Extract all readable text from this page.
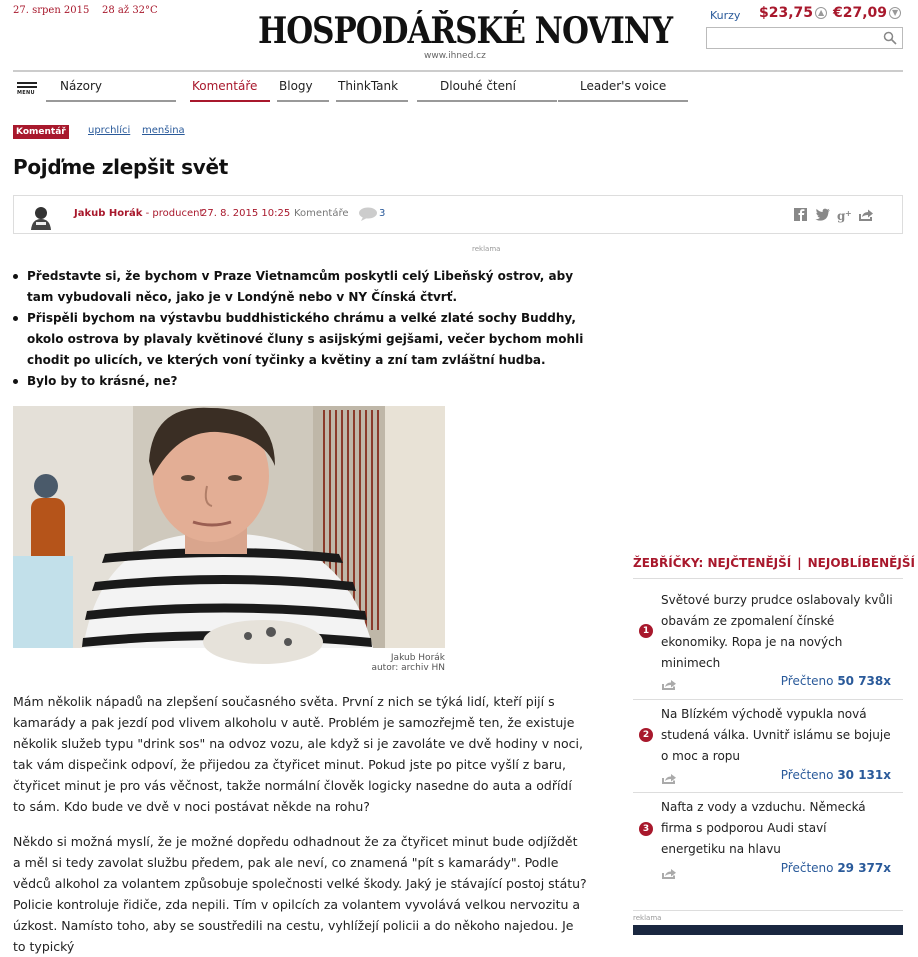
27. srpen 2015 28 až 32°C	HOSPODÁŘSKÉ NOVINY
www.ihned.cz
Kurzy $23,75 ▲ €27,09 ▼
MENU Názory	Komentáře Blogy ThinkTank	Dlouhé čtení	Leader's voice
Komentář	uprchlíci menšina
Pojďme zlepšit svět
Jakub Horák - producent
27. 8. 2015 10:25 Komentáře	3	g +
reklama
Představte si, že bychom v Praze Vietnamcům poskytli celý Libeňský ostrov, aby tam vybudovali něco, jako je v Londýně nebo v NY Čínská čtvrť.
Přispěli bychom na výstavbu buddhistického chrámu a velké zlaté sochy Buddhy, okolo ostrova by plavaly květinové čluny s asijskými gejšami, večer bychom mohli chodit po ulicích, ve kterých voní tyčinky a květiny a zní tam zvláštní hudba.
Bylo by to krásné, ne?
Jakub Horák
autor: archiv HN

Mám několik nápadů na zlepšení současného světa. První z nich se týká lidí, kteří pijí s kamarády a pak jezdí pod vlivem alkoholu v autě. Problém je samozřejmě ten, že existuje několik služeb typu "drink sos" na odvoz vozu, ale když si je zavoláte ve dvě hodiny v noci, tak vám dispečink odpoví, že přijedou za čtyřicet minut. Pokud jste po pitce vyšlí z baru, čtyřicet minut je pro vás věčnost, takže normální člověk logicky nasedne do auta a odřídí to sám. Kdo bude ve dvě v noci postávat někde na rohu?

Někdo si možná myslí, že je možné dopředu odhadnout že za čtyřicet minut bude odjíždět a měl si tedy zavolat službu předem, pak ale neví, co znamená "pít s kamarády". Podle vědců alkohol za volantem způsobuje společnosti velké škody. Jaký je stávající postoj státu? Policie kontroluje řidiče, zda nepili. Tím v opilcích za volantem vyvolává velkou nervozitu a úzkost. Namísto toho, aby se soustředili na cestu, vyhlížejí policii a do někoho najedou. Je to typický

ŽEBŘÍČKY: NEJČTENĚJŠÍ | NEJOBLÍBENĚJŠÍ
1
Světové burzy prudce oslabovaly kvůli obavám ze zpomalení čínské ekonomiky. Ropa je na nových minimech
Přečteno 50 738x
2
Na Blízkém východě vypukla nová studená válka. Uvnitř islámu se bojuje o moc a ropu
Přečteno 30 131x
3
Nafta z vody a vzduchu. Německá firma s podporou Audi staví energetiku na hlavu
Přečteno 29 377x
reklama
